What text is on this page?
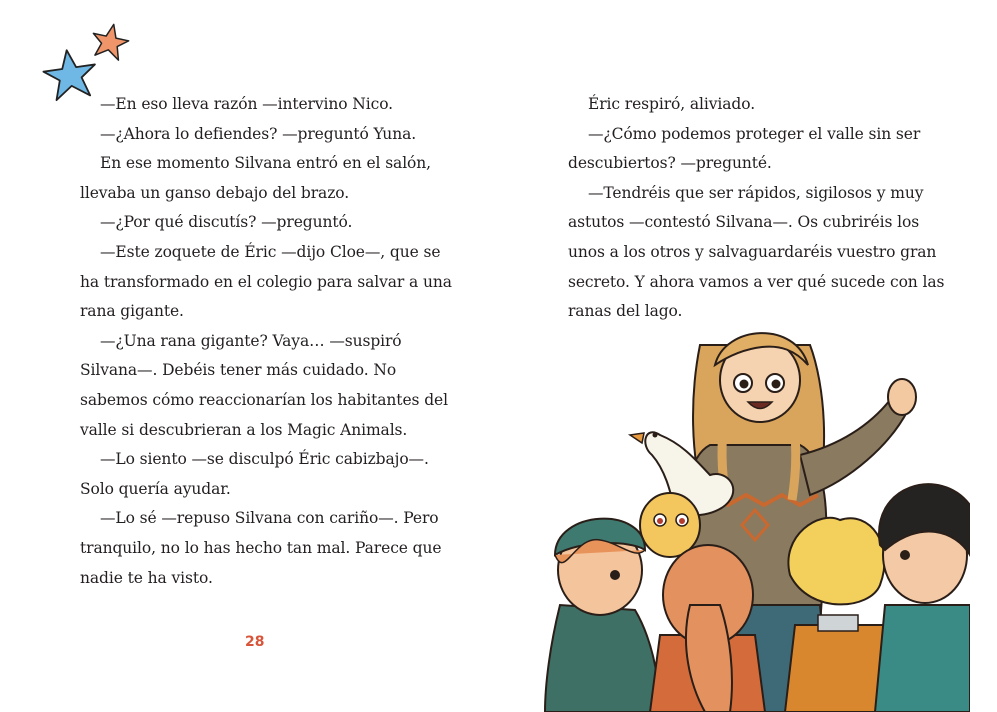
—En eso lleva razón —intervino Nico.

—¿Ahora lo defiendes? —preguntó Yuna.

En ese momento Silvana entró en el salón,

llevaba un ganso debajo del brazo.

—¿Por qué discutís? —preguntó.

—Este zoquete de Éric —dijo Cloe—, que se

ha transformado en el colegio para salvar a una

rana gigante.

—¿Una rana gigante? Vaya… —suspiró

Silvana—. Debéis tener más cuidado. No

sabemos cómo reaccionarían los habitantes del

valle si descubrieran a los Magic Animals.

—Lo siento —se disculpó Éric cabizbajo—.

Solo quería ayudar.

—Lo sé —repuso Silvana con cariño—. Pero

tranquilo, no lo has hecho tan mal. Parece que

nadie te ha visto.

28

Éric respiró, aliviado.

—¿Cómo podemos proteger el valle sin ser

descubiertos? —pregunté.

—Tendréis que ser rápidos, sigilosos y muy

astutos —contestó Silvana—. Os cubriréis los

unos a los otros y salvaguardaréis vuestro gran

secreto. Y ahora vamos a ver qué sucede con las

ranas del lago.
